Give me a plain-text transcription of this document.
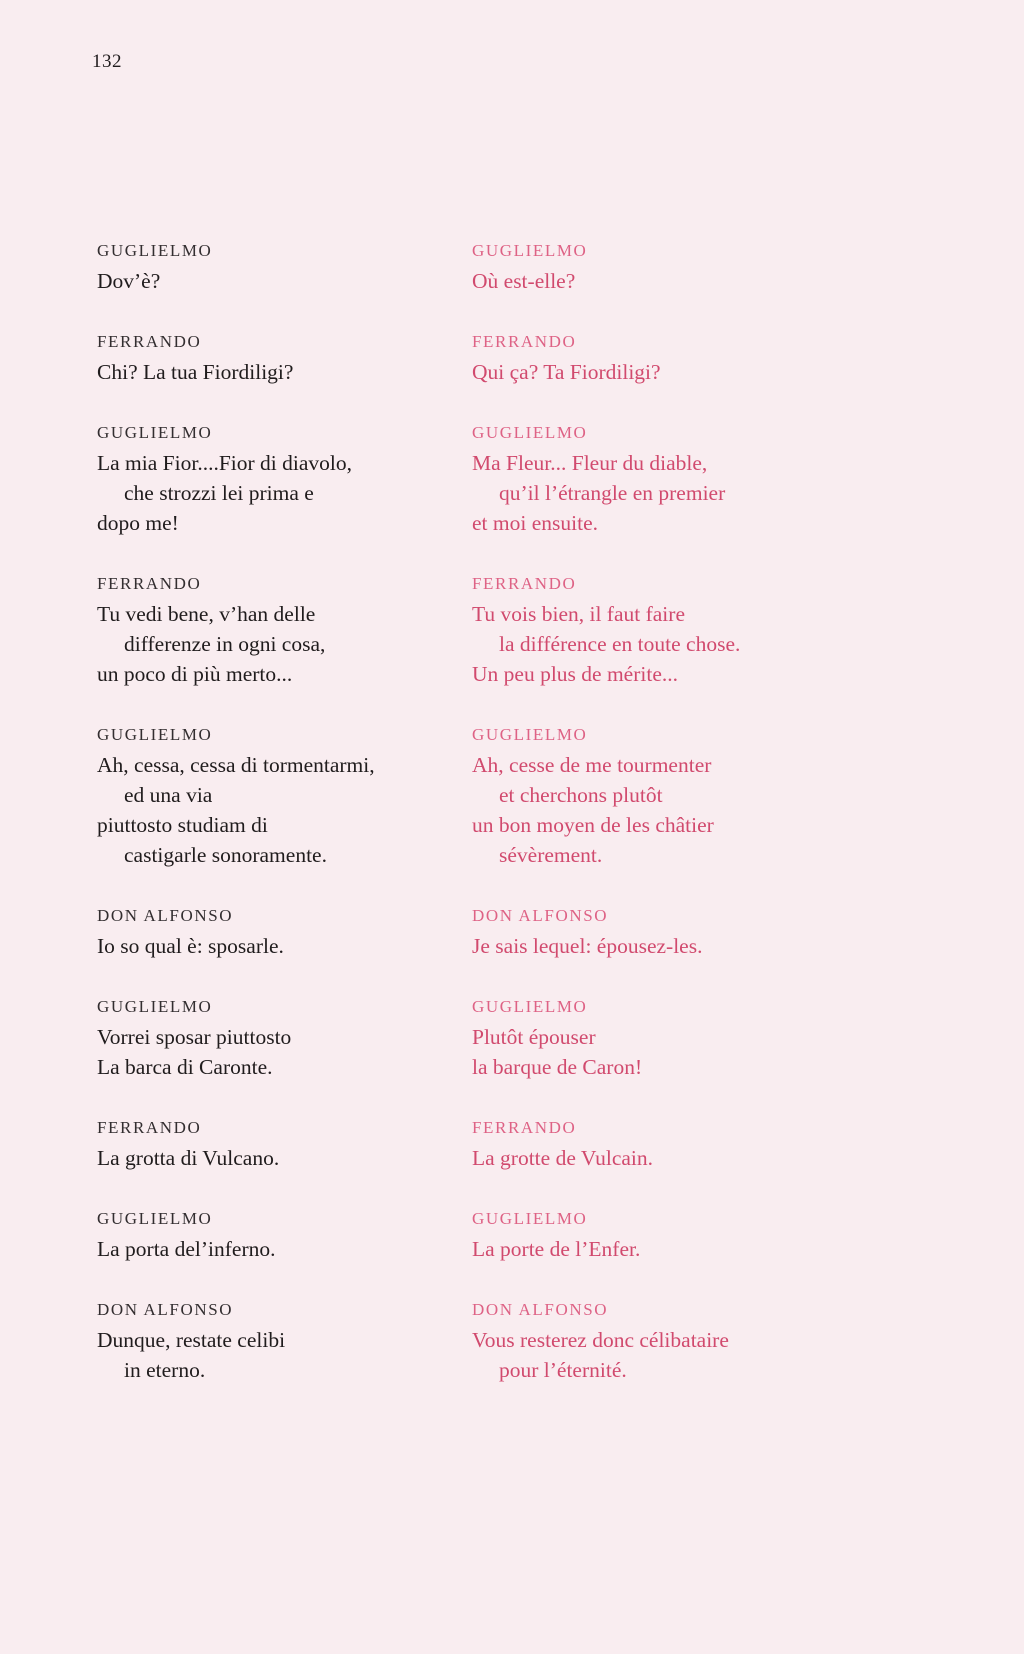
132
GUGLIELMO
Dov’è?
FERRANDO
Chi? La tua Fiordiligi?
GUGLIELMO
La mia Fior....Fior di diavolo,
che strozzi lei prima e
dopo me!
FERRANDO
Tu vedi bene, v’han delle
differenze in ogni cosa,
un poco di più merto...
GUGLIELMO
Ah, cessa, cessa di tormentarmi,
ed una via
piuttosto studiam di
castigarle sonoramente.
DON ALFONSO
Io so qual è: sposarle.
GUGLIELMO
Vorrei sposar piuttosto
La barca di Caronte.
FERRANDO
La grotta di Vulcano.
GUGLIELMO
La porta del’inferno.
DON ALFONSO
Dunque, restate celibi
in eterno.
GUGLIELMO
Où est-elle?
FERRANDO
Qui ça? Ta Fiordiligi?
GUGLIELMO
Ma Fleur... Fleur du diable,
qu’il l’étrangle en premier
et moi ensuite.
FERRANDO
Tu vois bien, il faut faire
la différence en toute chose.
Un peu plus de mérite...
GUGLIELMO
Ah, cesse de me tourmenter
et cherchons plutôt
un bon moyen de les châtier
sévèrement.
DON ALFONSO
Je sais lequel: épousez-les.
GUGLIELMO
Plutôt épouser
la barque de Caron!
FERRANDO
La grotte de Vulcain.
GUGLIELMO
La porte de l’Enfer.
DON ALFONSO
Vous resterez donc célibataire
pour l’éternité.
